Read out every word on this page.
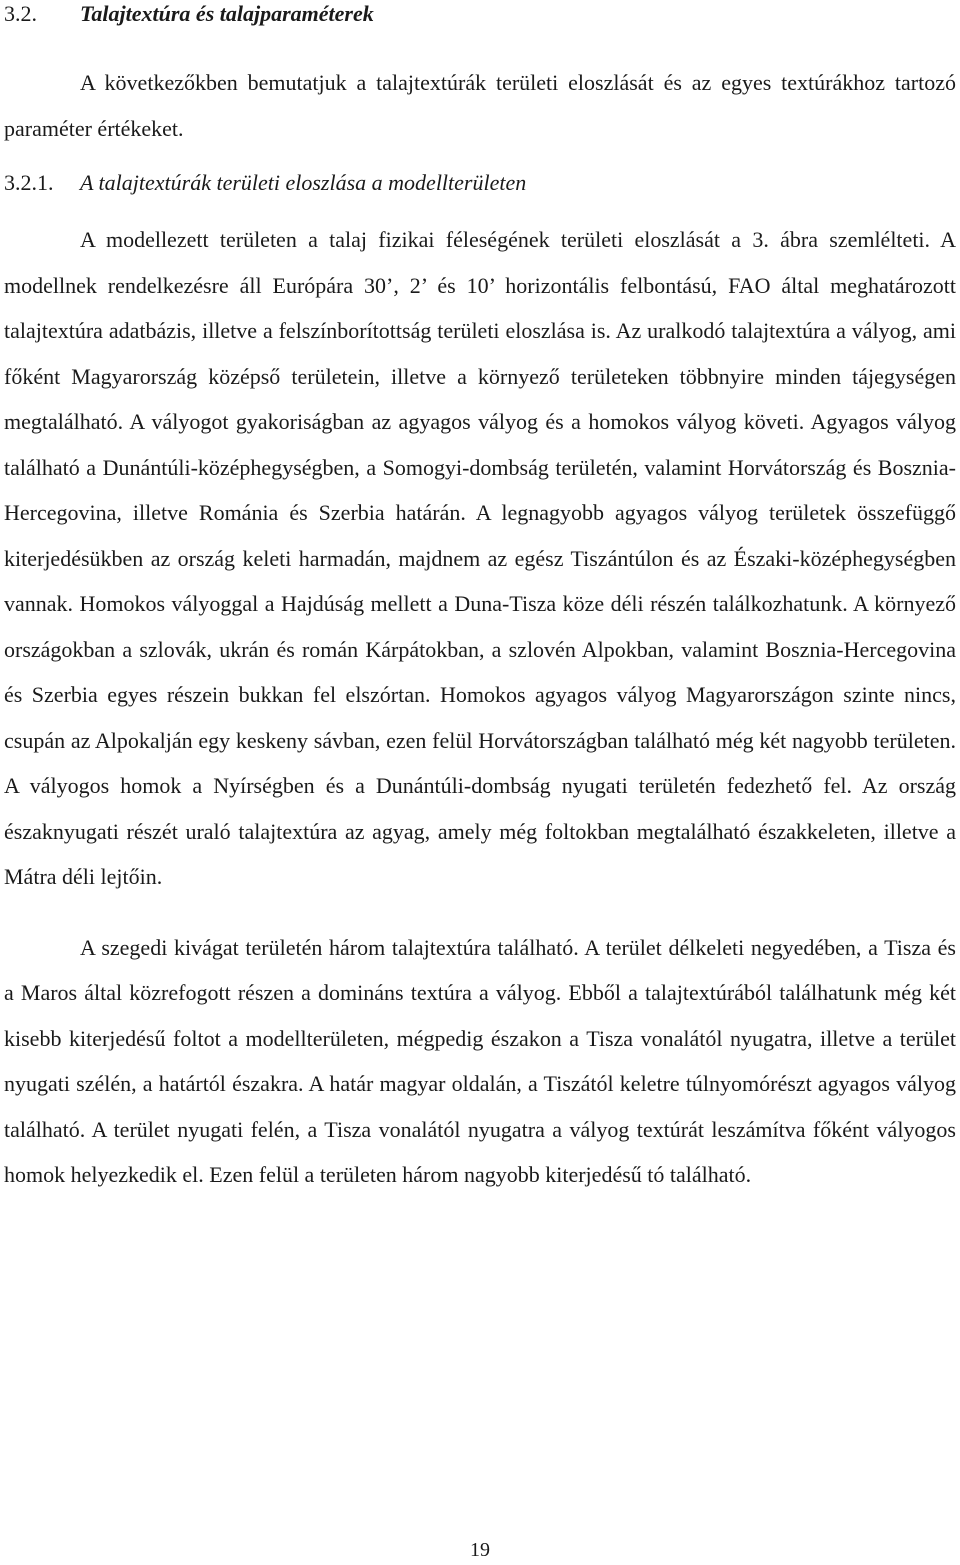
3.2. Talajtextúra és talajparaméterek

A következőkben bemutatjuk a talajtextúrák területi eloszlását és az egyes textúrákhoz tartozó paraméter értékeket.

3.2.1. A talajtextúrák területi eloszlása a modellterületen

A modellezett területen a talaj fizikai féleségének területi eloszlását a 3. ábra szemlélteti. A modellnek rendelkezésre áll Európára 30’, 2’ és 10’ horizontális felbontású, FAO által meghatározott talajtextúra adatbázis, illetve a felszínborítottság területi eloszlása is. Az uralkodó talajtextúra a vályog, ami főként Magyarország középső területein, illetve a környező területeken többnyire minden tájegységen megtalálható. A vályogot gyakoriságban az agyagos vályog és a homokos vályog követi. Agyagos vályog található a Dunántúli-középhegységben, a Somogyi-dombság területén, valamint Horvátország és Bosznia-Hercegovina, illetve Románia és Szerbia határán. A legnagyobb agyagos vályog területek összefüggő kiterjedésükben az ország keleti harmadán, majdnem az egész Tiszántúlon és az Északi-középhegységben vannak. Homokos vályoggal a Hajdúság mellett a Duna-Tisza köze déli részén találkozhatunk. A környező országokban a szlovák, ukrán és román Kárpátokban, a szlovén Alpokban, valamint Bosznia-Hercegovina és Szerbia egyes részein bukkan fel elszórtan. Homokos agyagos vályog Magyarországon szinte nincs, csupán az Alpokalján egy keskeny sávban, ezen felül Horvátországban található még két nagyobb területen. A vályogos homok a Nyírségben és a Dunántúli-dombság nyugati területén fedezhető fel. Az ország északnyugati részét uraló talajtextúra az agyag, amely még foltokban megtalálható északkeleten, illetve a Mátra déli lejtőin.

A szegedi kivágat területén három talajtextúra található. A terület délkeleti negyedében, a Tisza és a Maros által közrefogott részen a domináns textúra a vályog. Ebből a talajtextúrából találhatunk még két kisebb kiterjedésű foltot a modellterületen, mégpedig északon a Tisza vonalától nyugatra, illetve a terület nyugati szélén, a határtól északra. A határ magyar oldalán, a Tiszától keletre túlnyomórészt agyagos vályog található. A terület nyugati felén, a Tisza vonalától nyugatra a vályog textúrát leszámítva főként vályogos homok helyezkedik el. Ezen felül a területen három nagyobb kiterjedésű tó található.

19
